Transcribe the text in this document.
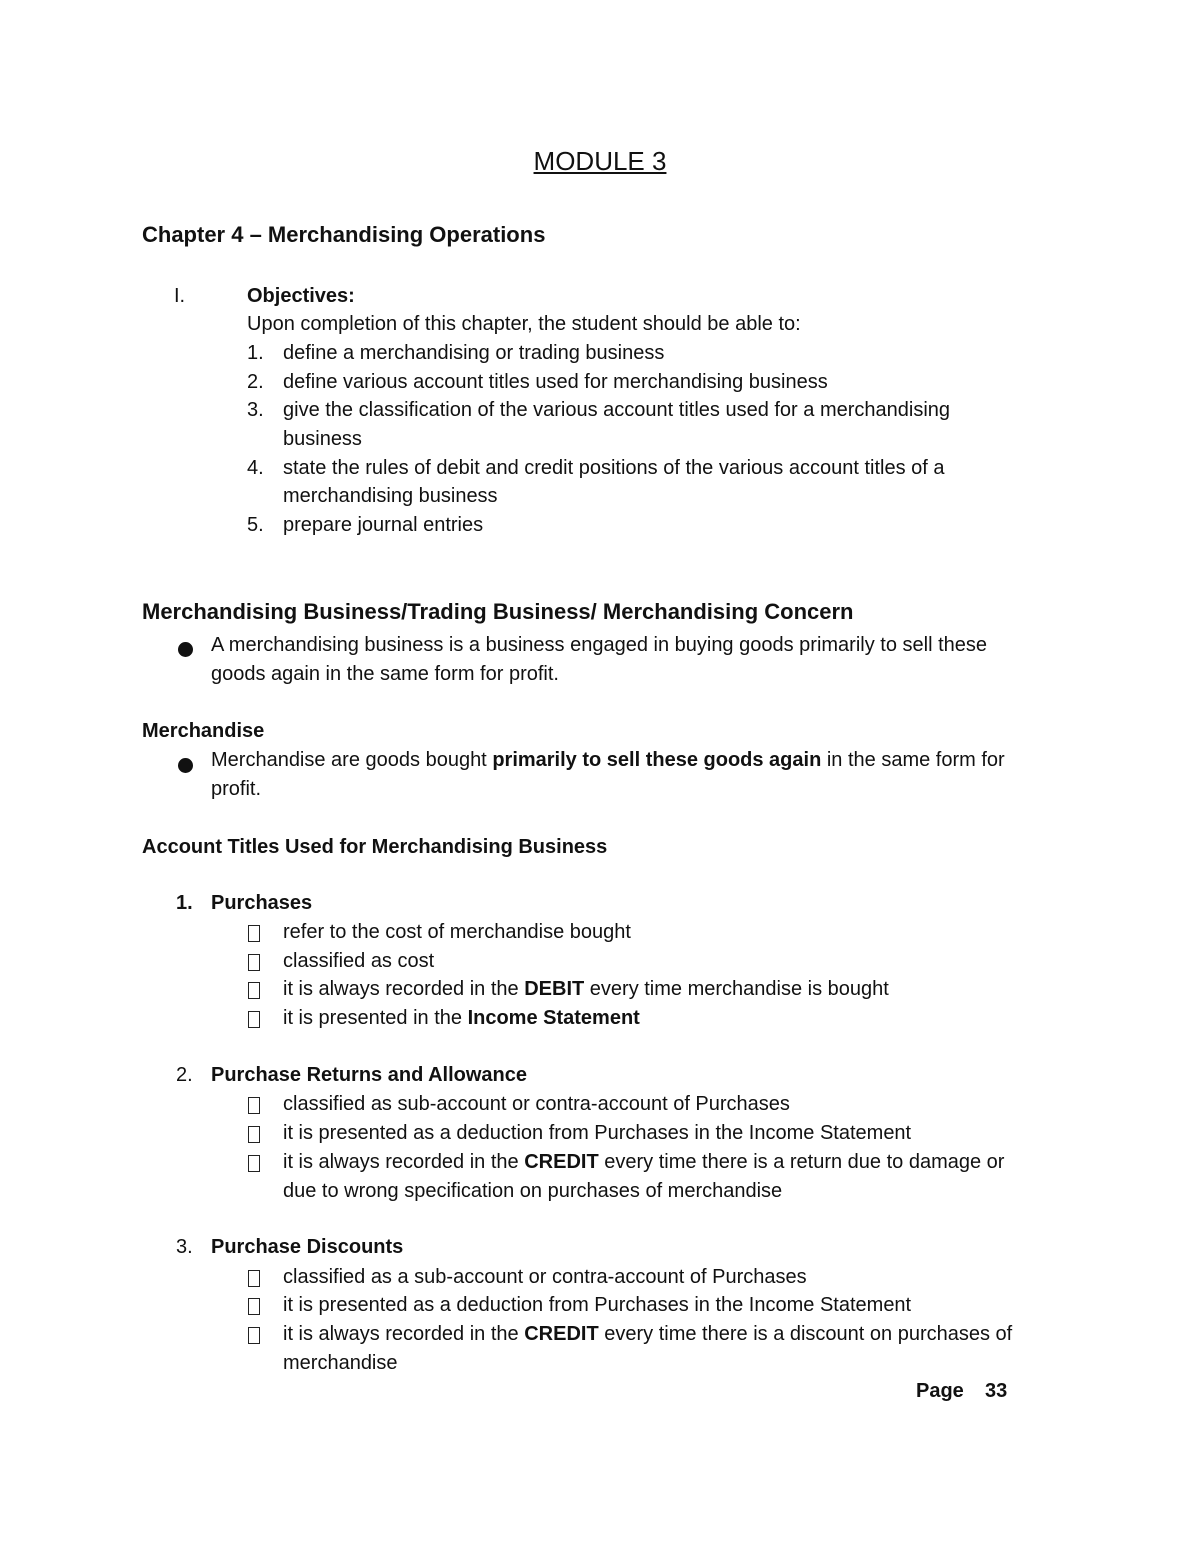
MODULE 3
Chapter 4 – Merchandising Operations
I.	Objectives:
Upon completion of this chapter, the student should be able to:
1. define a merchandising or trading business
2. define various account titles used for merchandising business
3. give the classification of the various account titles used for a merchandising
business
4. state the rules of debit and credit positions of the various account titles of a
merchandising business
5. prepare journal entries
Merchandising Business/Trading Business/ Merchandising Concern
A merchandising business is a business engaged in buying goods primarily to sell these
goods again in the same form for profit.
Merchandise
Merchandise are goods bought primarily to sell these goods again in the same form for
profit.
Account Titles Used for Merchandising Business
1. Purchases
refer to the cost of merchandise bought
classified as cost
it is always recorded in the DEBIT every time merchandise is bought
it is presented in the Income Statement
2. Purchase Returns and Allowance
classified as sub-account or contra-account of Purchases
it is presented as a deduction from Purchases in the Income Statement
it is always recorded in the CREDIT every time there is a return due to damage or
due to wrong specification on purchases of merchandise
3. Purchase Discounts
classified as a sub-account or contra-account of Purchases
it is presented as a deduction from Purchases in the Income Statement
it is always recorded in the CREDIT every time there is a discount on purchases of
merchandise
Page 33
